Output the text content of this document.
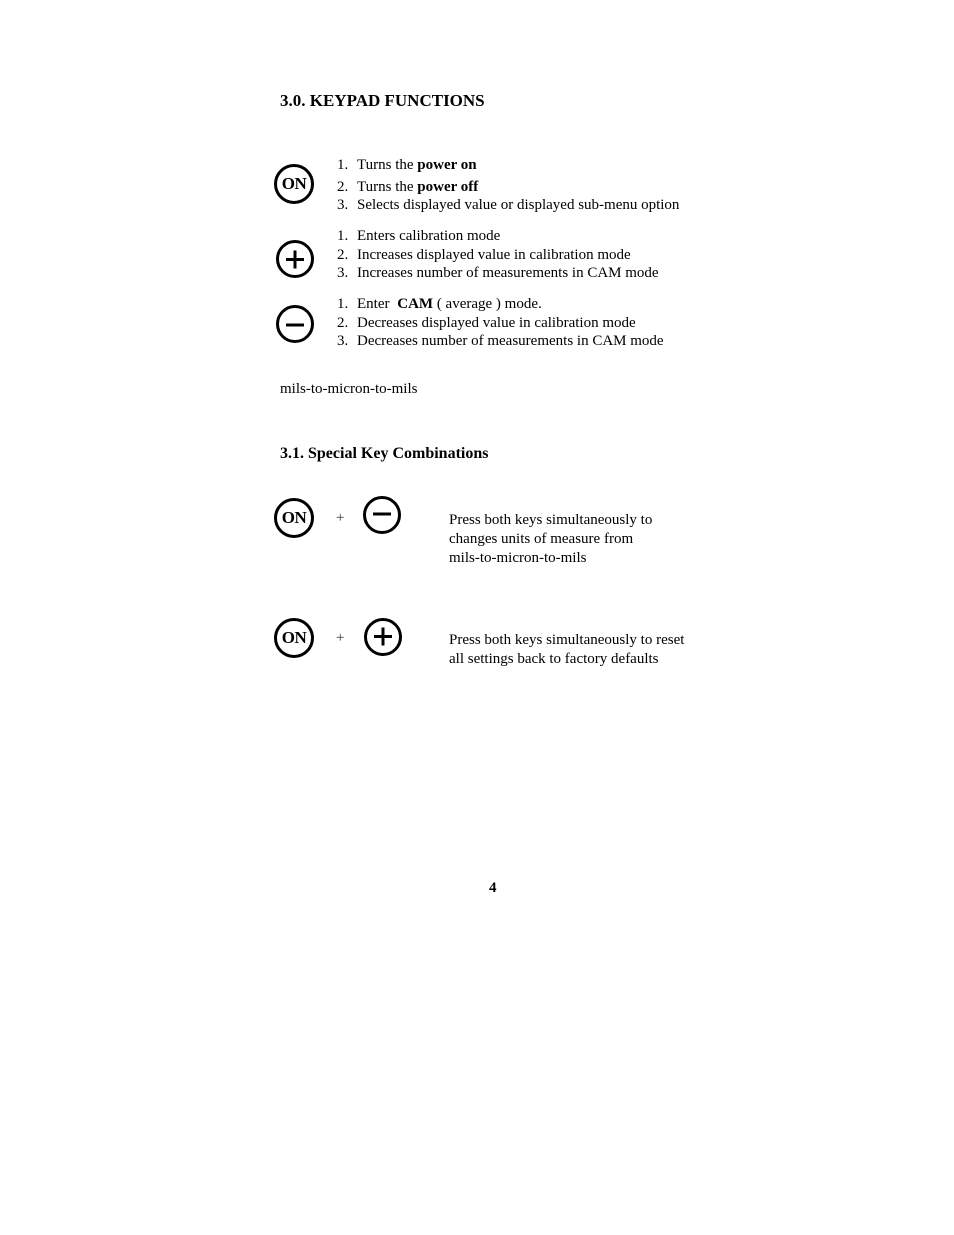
3.0. KEYPAD FUNCTIONS
ON
1. Turns the power on
2. Turns the power off
3. Selects displayed value or displayed sub-menu option
1. Enters calibration mode
2. Increases displayed value in calibration mode
3. Increases number of measurements in CAM mode
1. Enter CAM ( average ) mode.
2. Decreases displayed value in calibration mode
3. Decreases number of measurements in CAM mode
mils-to-micron-to-mils
3.1. Special Key Combinations
ON +	Press both keys simultaneously to
changes units of measure from
mils-to-micron-to-mils
ON +	Press both keys simultaneously to reset
all settings back to factory defaults
4
